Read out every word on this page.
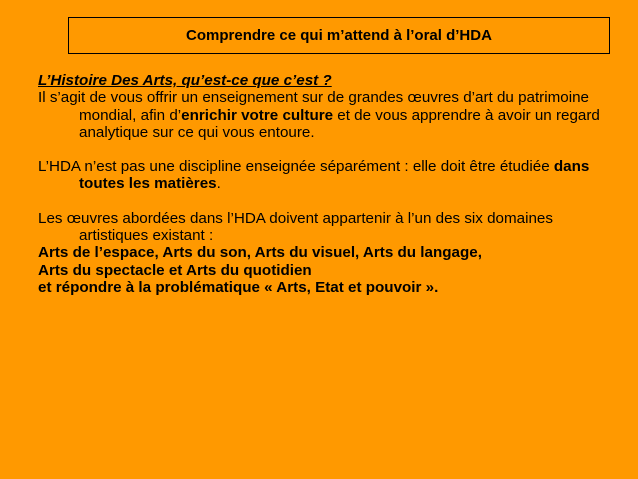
Comprendre ce qui m’attend à l’oral d’HDA

L’Histoire Des Arts, qu’est-ce que c’est ?

Il s’agit de vous offrir un enseignement sur de grandes œuvres d’art du patrimoine mondial, afin d’enrichir votre culture et de vous apprendre à avoir un regard analytique sur ce qui vous entoure.

L’HDA n’est pas une discipline enseignée séparément : elle doit être étudiée dans toutes les matières.

Les œuvres abordées dans l’HDA doivent appartenir à l’un des six domaines artistiques existant :

Arts de l’espace, Arts du son, Arts du visuel, Arts du langage,

Arts du spectacle et Arts du quotidien

et répondre à la problématique « Arts, Etat et pouvoir ».
